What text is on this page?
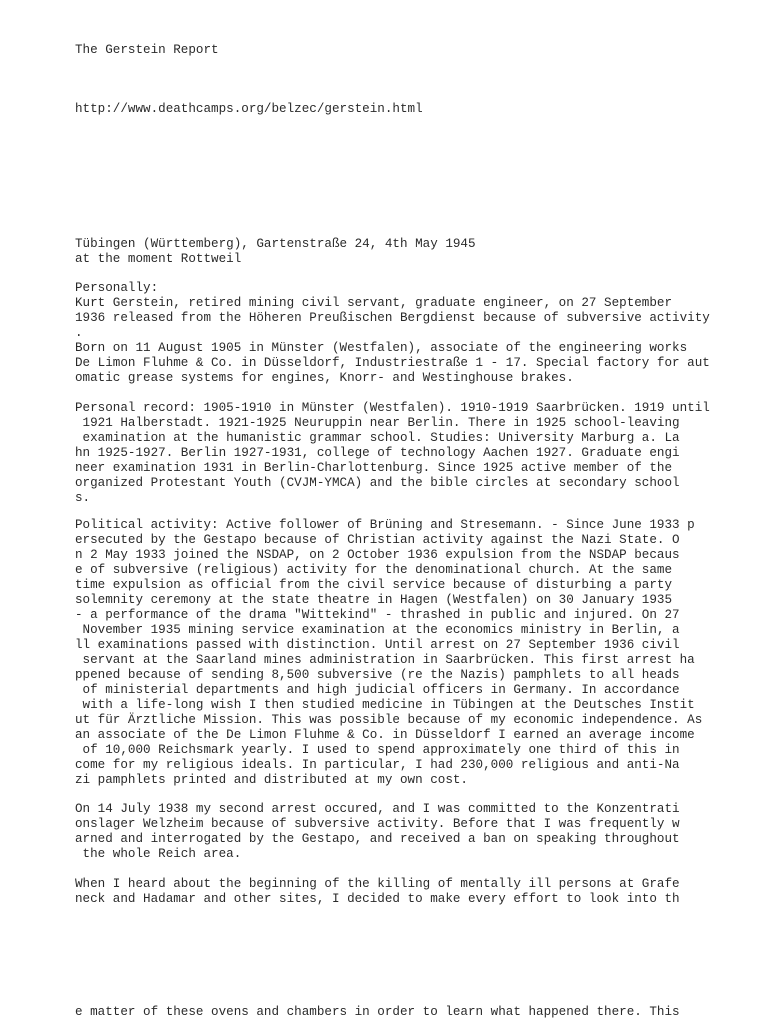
The Gerstein Report

http://www.deathcamps.org/belzec/gerstein.html

Tübingen (Württemberg), Gartenstraße 24, 4th May 1945

at the moment Rottweil

Personally:

Kurt Gerstein, retired mining civil servant, graduate engineer, on 27 September

1936 released from the Höheren Preußischen Bergdienst because of subversive activity

.

Born on 11 August 1905 in Münster (Westfalen), associate of the engineering works

De Limon Fluhme & Co. in Düsseldorf, Industriestraße 1 - 17. Special factory for aut

omatic grease systems for engines, Knorr- and Westinghouse brakes.

Personal record: 1905-1910 in Münster (Westfalen). 1910-1919 Saarbrücken. 1919 until

1921 Halberstadt. 1921-1925 Neuruppin near Berlin. There in 1925 school-leaving

examination at the humanistic grammar school. Studies: University Marburg a. La

hn 1925-1927. Berlin 1927-1931, college of technology Aachen 1927. Graduate engi

neer examination 1931 in Berlin-Charlottenburg. Since 1925 active member of the

organized Protestant Youth (CVJM-YMCA) and the bible circles at secondary school

s.

Political activity: Active follower of Brüning and Stresemann. - Since June 1933 p

ersecuted by the Gestapo because of Christian activity against the Nazi State. O

n 2 May 1933 joined the NSDAP, on 2 October 1936 expulsion from the NSDAP becaus

e of subversive (religious) activity for the denominational church. At the same

time expulsion as official from the civil service because of disturbing a party

solemnity ceremony at the state theatre in Hagen (Westfalen) on 30 January 1935

- a performance of the drama "Wittekind" - thrashed in public and injured. On 27

November 1935 mining service examination at the economics ministry in Berlin, a

ll examinations passed with distinction. Until arrest on 27 September 1936 civil

servant at the Saarland mines administration in Saarbrücken. This first arrest ha

ppened because of sending 8,500 subversive (re the Nazis) pamphlets to all heads

of ministerial departments and high judicial officers in Germany. In accordance

with a life-long wish I then studied medicine in Tübingen at the Deutsches Instit

ut für Ärztliche Mission. This was possible because of my economic independence. As

an associate of the De Limon Fluhme & Co. in Düsseldorf I earned an average income

of 10,000 Reichsmark yearly. I used to spend approximately one third of this in

come for my religious ideals. In particular, I had 230,000 religious and anti-Na

zi pamphlets printed and distributed at my own cost.

On 14 July 1938 my second arrest occured, and I was committed to the Konzentrati

onslager Welzheim because of subversive activity. Before that I was frequently w

arned and interrogated by the Gestapo, and received a ban on speaking throughout

the whole Reich area.

When I heard about the beginning of the killing of mentally ill persons at Grafe

neck and Hadamar and other sites, I decided to make every effort to look into th

e matter of these ovens and chambers in order to learn what happened there. This
